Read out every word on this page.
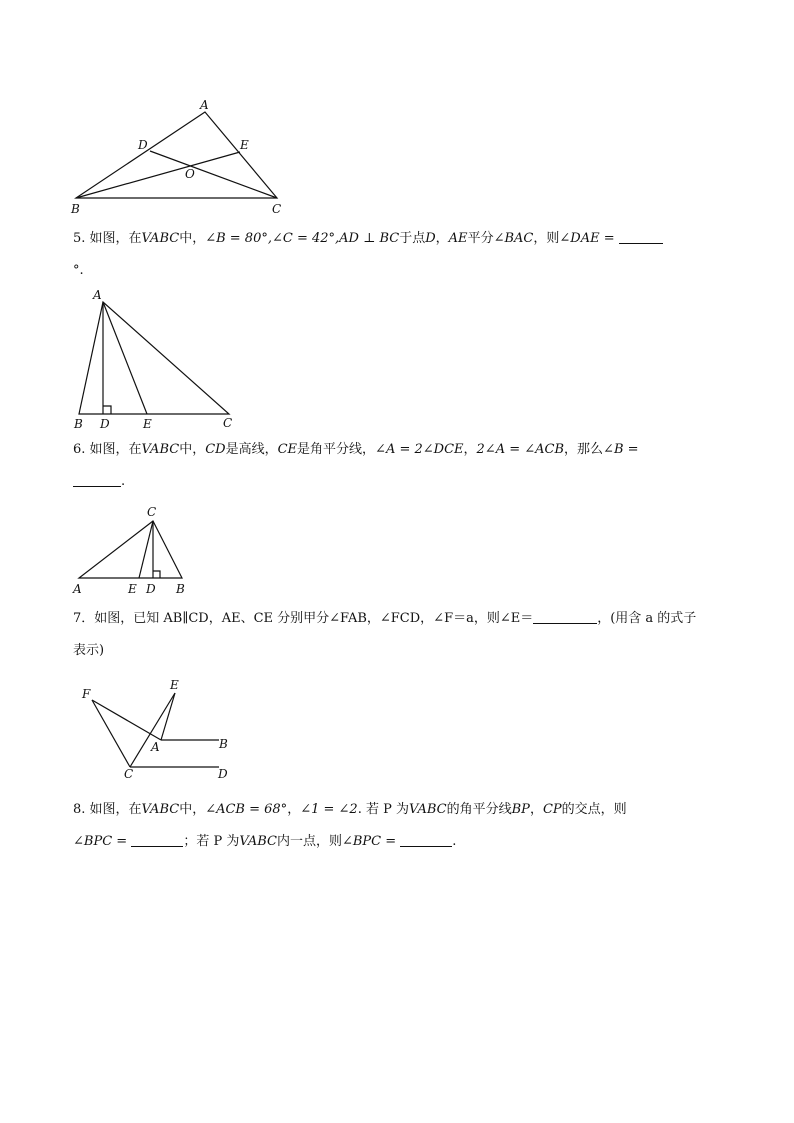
A
D	E
O
B	C
5. 如图，在VABC中，∠B = 80°,∠C = 42°,AD ⊥ BC于点D，AE平分∠BAC，则∠DAE =
°.
A
B D	E	C
6. 如图，在VABC中，CD是高线，CE是角平分线，∠A = 2∠DCE，2∠A = ∠ACB，那么∠B =
.
C
A	E D B
7．如图，已知 AB∥CD，AE、CE 分别甲分∠FAB，∠FCD，∠F＝a，则∠E＝	，(用含 a 的式子
表示)
F
E
A	B
C	D
8. 如图，在VABC中，∠ACB = 68°，∠1 = ∠2. 若 P 为VABC的角平分线BP，CP的交点，则
∠BPC =	；若 P 为VABC内一点，则∠BPC =	.
